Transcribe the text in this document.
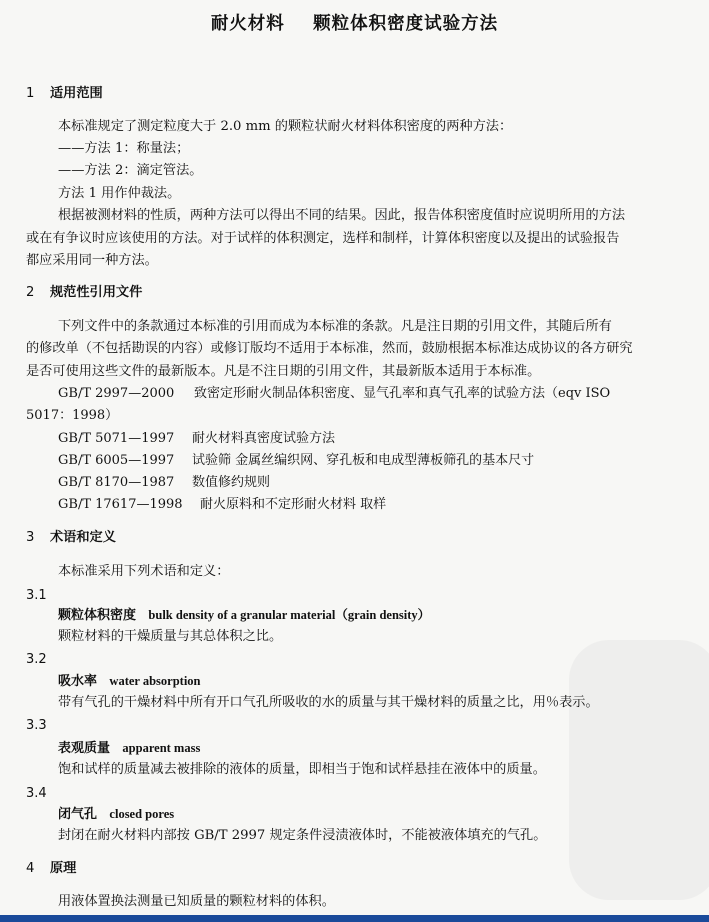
耐火材料    颗粒体积密度试验方法
1 适用范围
本标准规定了测定粒度大于 2.0 mm 的颗粒状耐火材料体积密度的两种方法：
——方法 1：称量法；
——方法 2：滴定管法。
方法 1 用作仲裁法。
根据被测材料的性质，两种方法可以得出不同的结果。因此，报告体积密度值时应说明所用的方法
或在有争议时应该使用的方法。对于试样的体积测定，选样和制样，计算体积密度以及提出的试验报告
都应采用同一种方法。
2 规范性引用文件
下列文件中的条款通过本标准的引用而成为本标准的条款。凡是注日期的引用文件，其随后所有
的修改单（不包括勘误的内容）或修订版均不适用于本标准，然而，鼓励根据本标准达成协议的各方研究
是否可使用这些文件的最新版本。凡是不注日期的引用文件，其最新版本适用于本标准。
GB/T 2997—2000 致密定形耐火制品体积密度、显气孔率和真气孔率的试验方法（eqv ISO
5017：1998）
GB/T 5071—1997 耐火材料真密度试验方法
GB/T 6005—1997 试验筛 金属丝编织网、穿孔板和电成型薄板筛孔的基本尺寸
GB/T 8170—1987 数值修约规则
GB/T 17617—1998 耐火原料和不定形耐火材料 取样
3 术语和定义
本标准采用下列术语和定义：
3.1
颗粒体积密度 bulk density of a granular material（grain density）
颗粒材料的干燥质量与其总体积之比。
3.2
吸水率 water absorption
带有气孔的干燥材料中所有开口气孔所吸收的水的质量与其干燥材料的质量之比，用％表示。
3.3
表观质量 apparent mass
饱和试样的质量减去被排除的液体的质量，即相当于饱和试样悬挂在液体中的质量。
3.4
闭气孔 closed pores
封闭在耐火材料内部按 GB/T 2997 规定条件浸渍液体时，不能被液体填充的气孔。
4 原理
用液体置换法测量已知质量的颗粒材料的体积。
